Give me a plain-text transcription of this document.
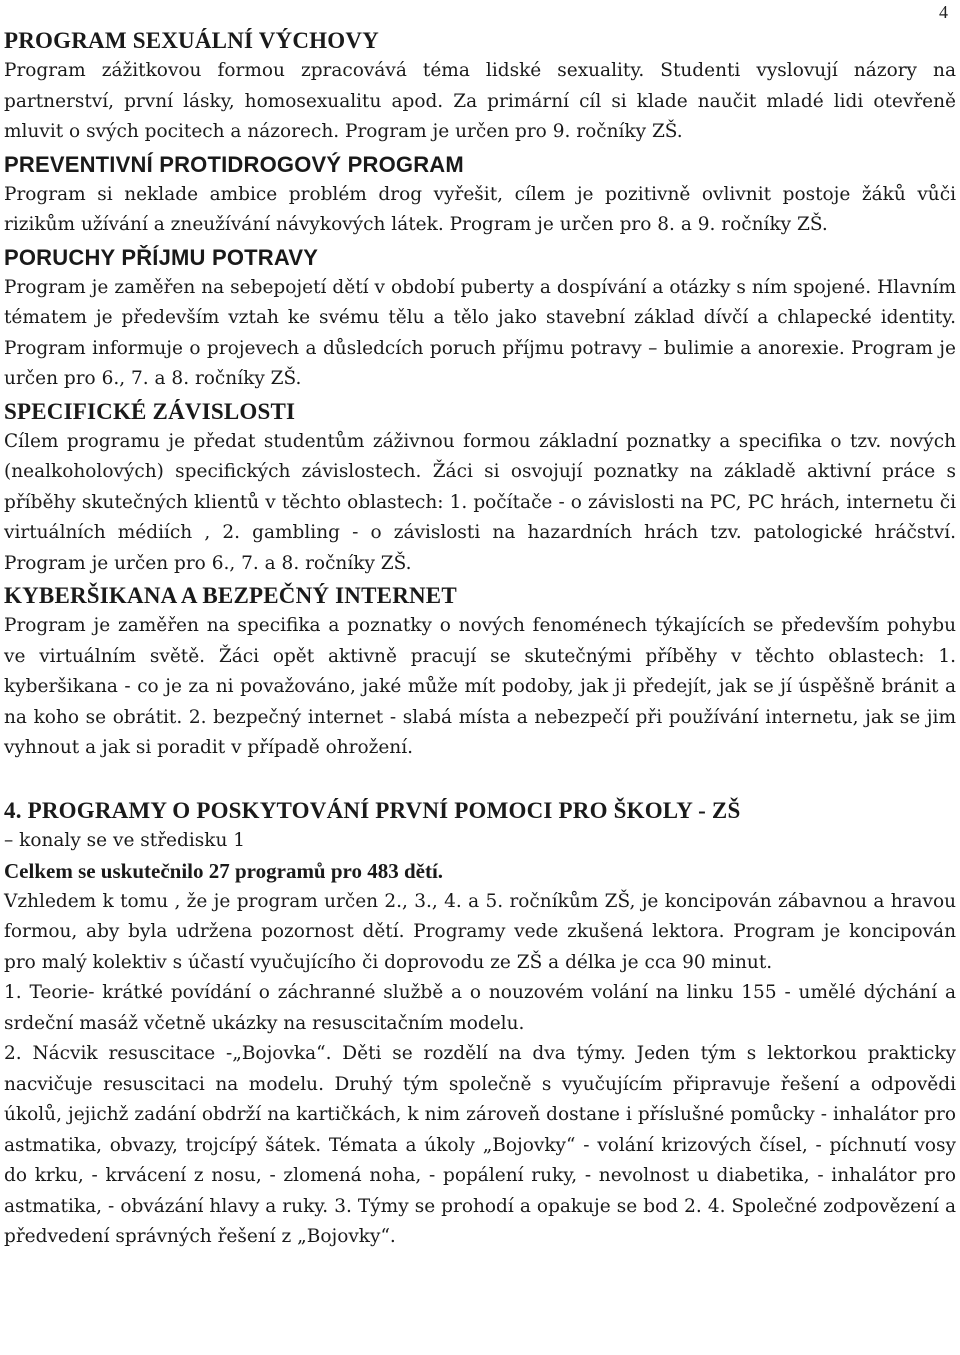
4
PROGRAM SEXUÁLNÍ VÝCHOVY

Program zážitkovou formou zpracovává téma lidské sexuality. Studenti vyslovují názory na partnerství, první lásky, homosexualitu apod. Za primární cíl si klade naučit mladé lidi otevřeně mluvit o svých pocitech a názorech. Program je určen pro 9. ročníky ZŠ.

PREVENTIVNÍ PROTIDROGOVÝ PROGRAM

Program si neklade ambice problém drog vyřešit, cílem je pozitivně ovlivnit postoje žáků vůči rizikům užívání a zneužívání návykových látek. Program je určen pro 8. a 9. ročníky ZŠ.

PORUCHY PŘÍJMU POTRAVY

Program je zaměřen na sebepojetí dětí v období puberty a dospívání a otázky s ním spojené. Hlavním tématem je především vztah ke svému tělu a tělo jako stavební základ dívčí a chlapecké identity. Program informuje o projevech a důsledcích poruch příjmu potravy – bulimie a anorexie. Program je určen pro 6., 7. a 8. ročníky ZŠ.

SPECIFICKÉ ZÁVISLOSTI

Cílem programu je předat studentům záživnou formou základní poznatky a specifika o tzv. nových (nealkoholových) specifických závislostech. Žáci si osvojují poznatky na základě aktivní práce s příběhy skutečných klientů v těchto oblastech: 1. počítače - o závislosti na PC, PC hrách, internetu či virtuálních médiích , 2. gambling - o závislosti na hazardních hrách tzv. patologické hráčství. Program je určen pro 6., 7. a 8. ročníky ZŠ.

KYBERŠIKANA A BEZPEČNÝ INTERNET

Program je zaměřen na specifika a poznatky o nových fenoménech týkajících se především pohybu ve virtuálním světě. Žáci opět aktivně pracují se skutečnými příběhy v těchto oblastech: 1. kyberšikana - co je za ni považováno, jaké může mít podoby, jak ji předejít, jak se jí úspěšně bránit a na koho se obrátit. 2. bezpečný internet - slabá místa a nebezpečí při používání internetu, jak se jim vyhnout a jak si poradit v případě ohrožení.

4. PROGRAMY O POSKYTOVÁNÍ PRVNÍ POMOCI PRO ŠKOLY - ZŠ

– konaly se ve středisku 1

Celkem se uskutečnilo 27 programů pro 483 dětí.

Vzhledem k tomu , že je program určen 2., 3., 4. a 5. ročníkům ZŠ, je koncipován zábavnou a hravou formou, aby byla udržena pozornost dětí. Programy vede zkušená lektora. Program je koncipován pro malý kolektiv s účastí vyučujícího či doprovodu ze ZŠ a délka je cca 90 minut.

1. Teorie- krátké povídání o záchranné službě a o nouzovém volání na linku 155 - umělé dýchání a srdeční masáž včetně ukázky na resuscitačním modelu.

2. Nácvik resuscitace -„Bojovka“. Děti se rozdělí na dva týmy. Jeden tým s lektorkou prakticky nacvičuje resuscitaci na modelu. Druhý tým společně s vyučujícím připravuje řešení a odpovědi úkolů, jejichž zadání obdrží na kartičkách, k nim zároveň dostane i příslušné pomůcky - inhalátor pro astmatika, obvazy, trojcípý šátek. Témata a úkoly „Bojovky“ - volání krizových čísel, - píchnutí vosy do krku, - krvácení z nosu, - zlomená noha, - popálení ruky, - nevolnost u diabetika, - inhalátor pro astmatika, - obvázání hlavy a ruky. 3. Týmy se prohodí a opakuje se bod 2. 4. Společné zodpovězení a předvedení správných řešení z „Bojovky“.
